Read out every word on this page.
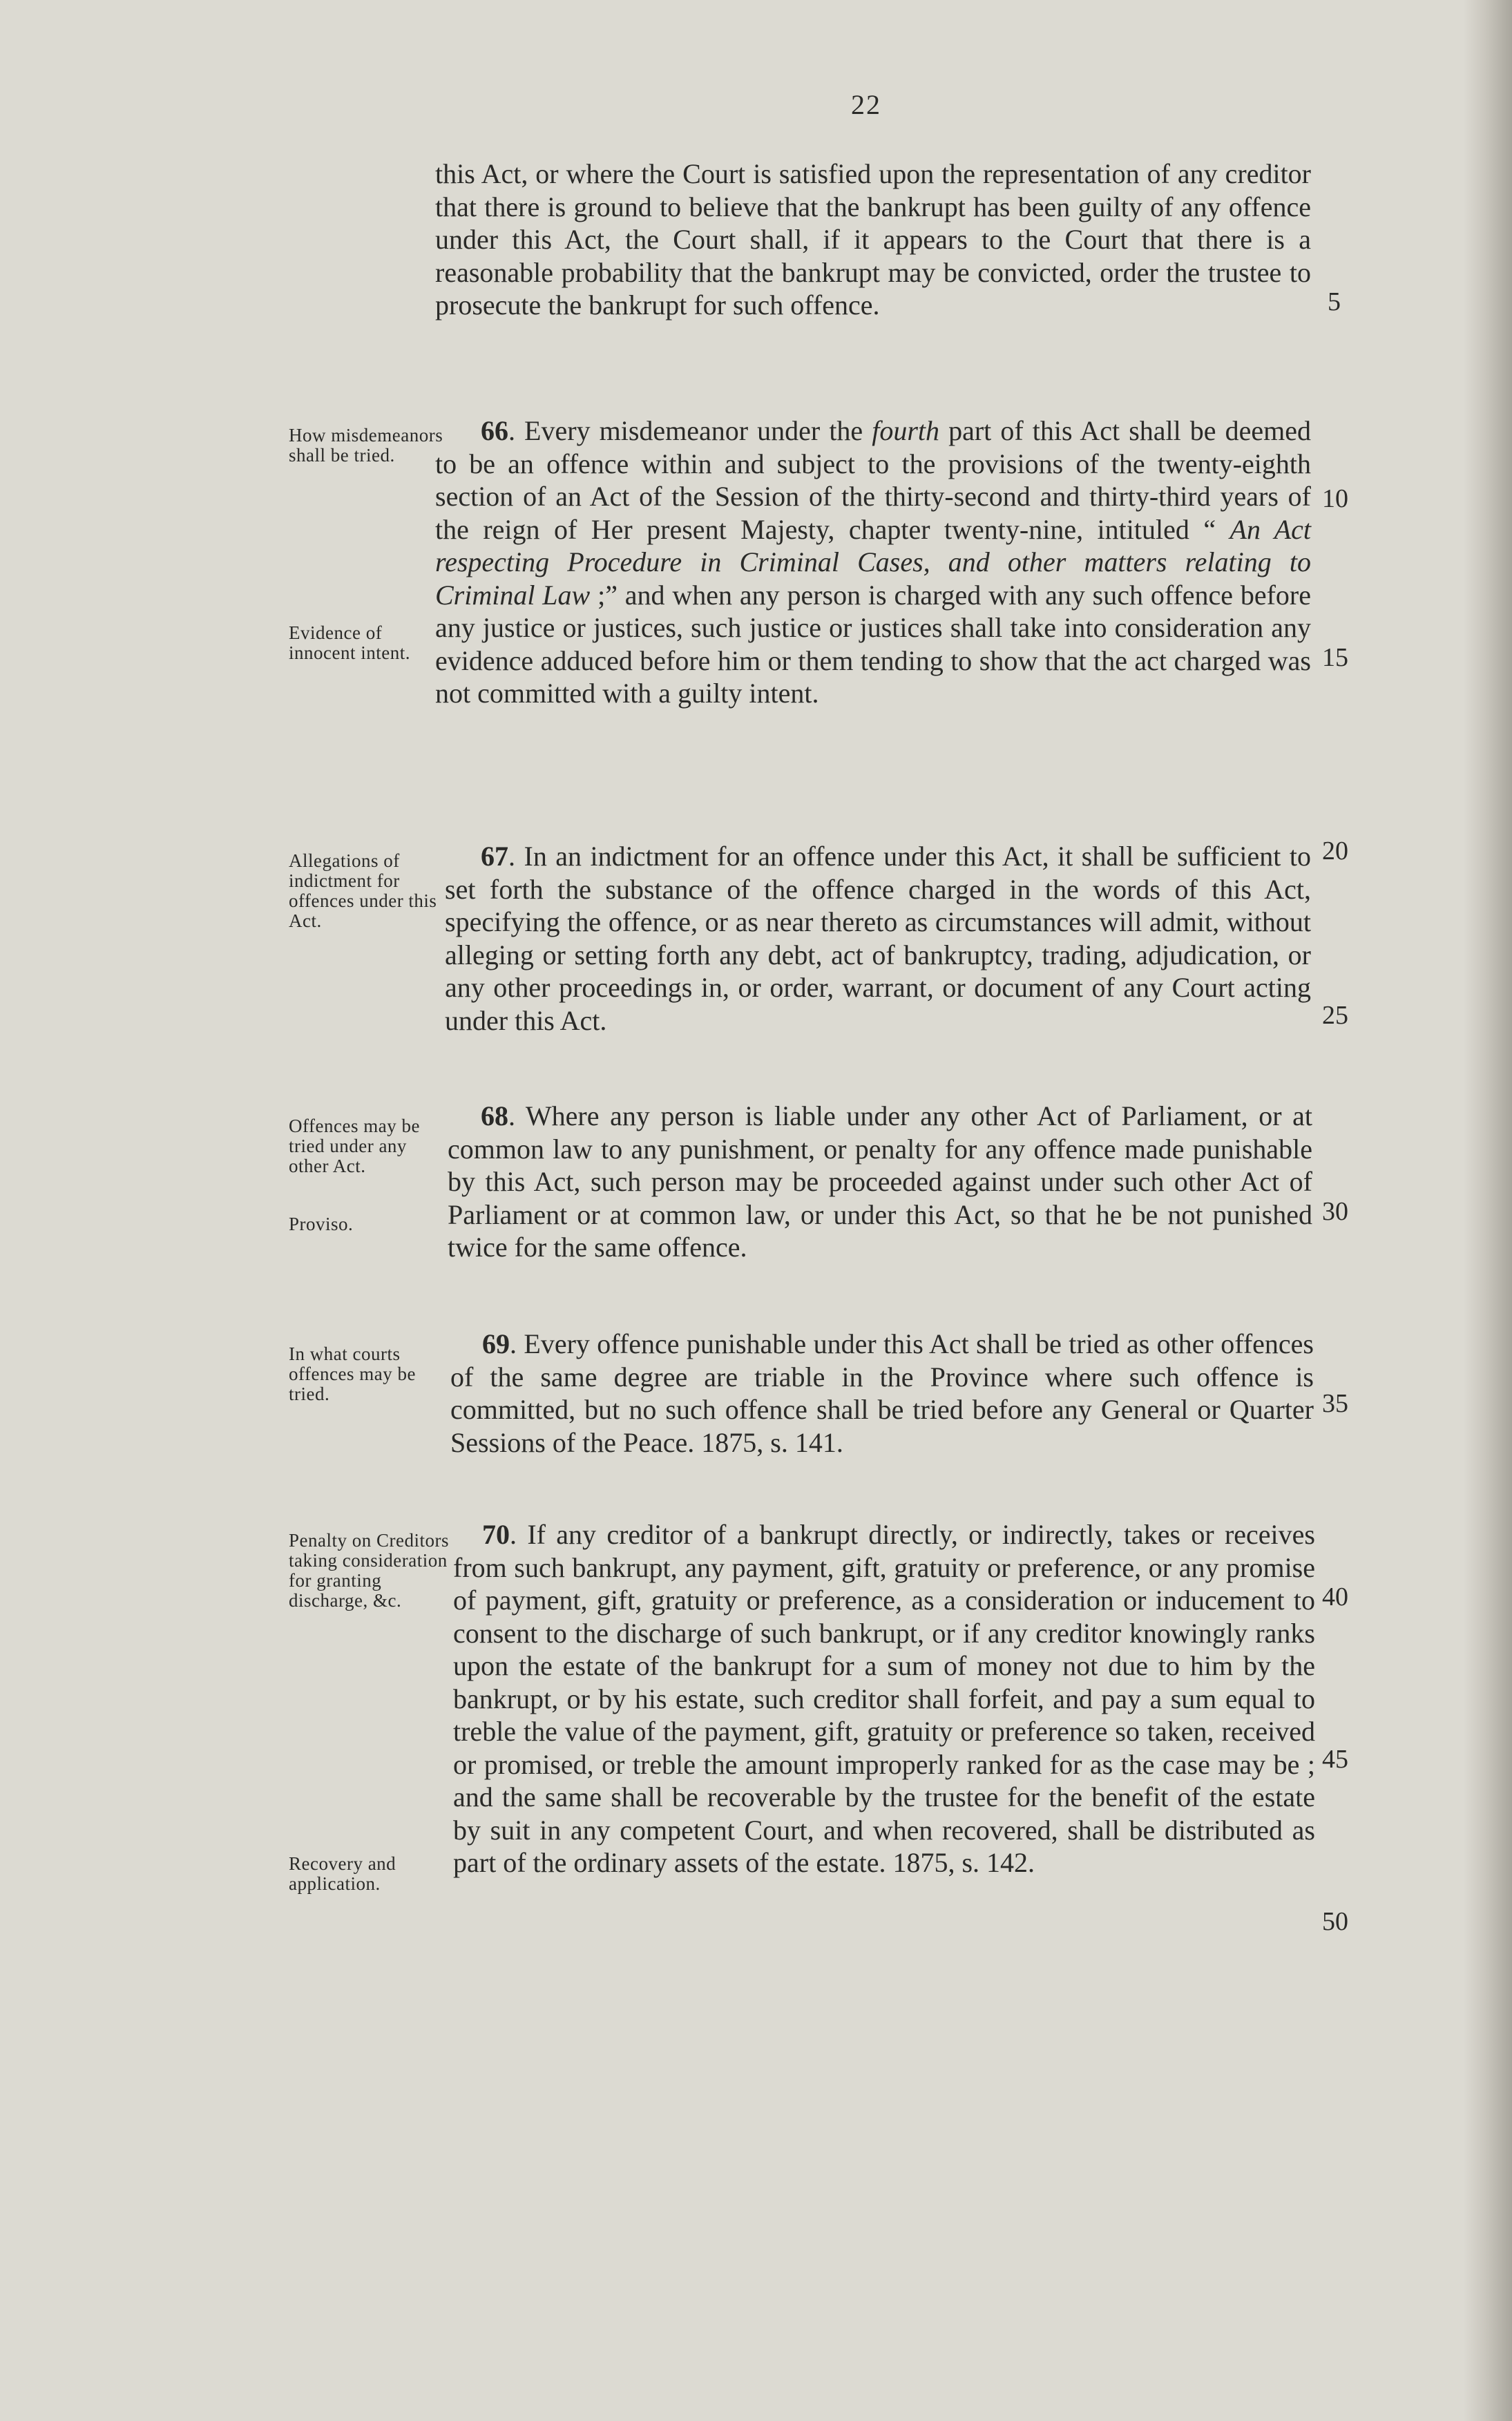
22

this Act, or where the Court is satisfied upon the representation of any creditor that there is ground to believe that the bankrupt has been guilty of any offence under this Act, the Court shall, if it appears to the Court that there is a reasonable probability that the bankrupt may be convicted, order the trustee to prosecute the bankrupt for such offence.

How misdemeanors shall be tried.
Evidence of innocent intent.

66. Every misdemeanor under the fourth part of this Act shall be deemed to be an offence within and subject to the provisions of the twenty-eighth section of an Act of the Session of the thirty-second and thirty-third years of the reign of Her present Majesty, chapter twenty-nine, intituled “ An Act respecting Procedure in Criminal Cases, and other matters relating to Criminal Law ;” and when any person is charged with any such offence before any justice or justices, such justice or justices shall take into consideration any evidence adduced before him or them tending to show that the act charged was not committed with a guilty intent.

Allegations of indictment for offences under this Act.

67. In an indictment for an offence under this Act, it shall be sufficient to set forth the substance of the offence charged in the words of this Act, specifying the offence, or as near thereto as circumstances will admit, without alleging or setting forth any debt, act of bankruptcy, trading, adjudication, or any other proceedings in, or order, warrant, or document of any Court acting under this Act.

Offences may be tried under any other Act.
Proviso.

68. Where any person is liable under any other Act of Parliament, or at common law to any punishment, or penalty for any offence made punishable by this Act, such person may be proceeded against under such other Act of Parliament or at common law, or under this Act, so that he be not punished twice for the same offence.

In what courts offences may be tried.

69. Every offence punishable under this Act shall be tried as other offences of the same degree are triable in the Province where such offence is committed, but no such offence shall be tried before any General or Quarter Sessions of the Peace. 1875, s. 141.

Penalty on Creditors taking consideration for granting discharge, &c.
Recovery and application.

70. If any creditor of a bankrupt directly, or indirectly, takes or receives from such bankrupt, any payment, gift, gratuity or preference, or any promise of payment, gift, gratuity or preference, as a consideration or inducement to consent to the discharge of such bankrupt, or if any creditor knowingly ranks upon the estate of the bankrupt for a sum of money not due to him by the bankrupt, or by his estate, such creditor shall forfeit, and pay a sum equal to treble the value of the payment, gift, gratuity or preference so taken, received or promised, or treble the amount improperly ranked for as the case may be ; and the same shall be recoverable by the trustee for the benefit of the estate by suit in any competent Court, and when recovered, shall be distributed as part of the ordinary assets of the estate. 1875, s. 142.

5
10
15
20
25
30
35
40
45
50
